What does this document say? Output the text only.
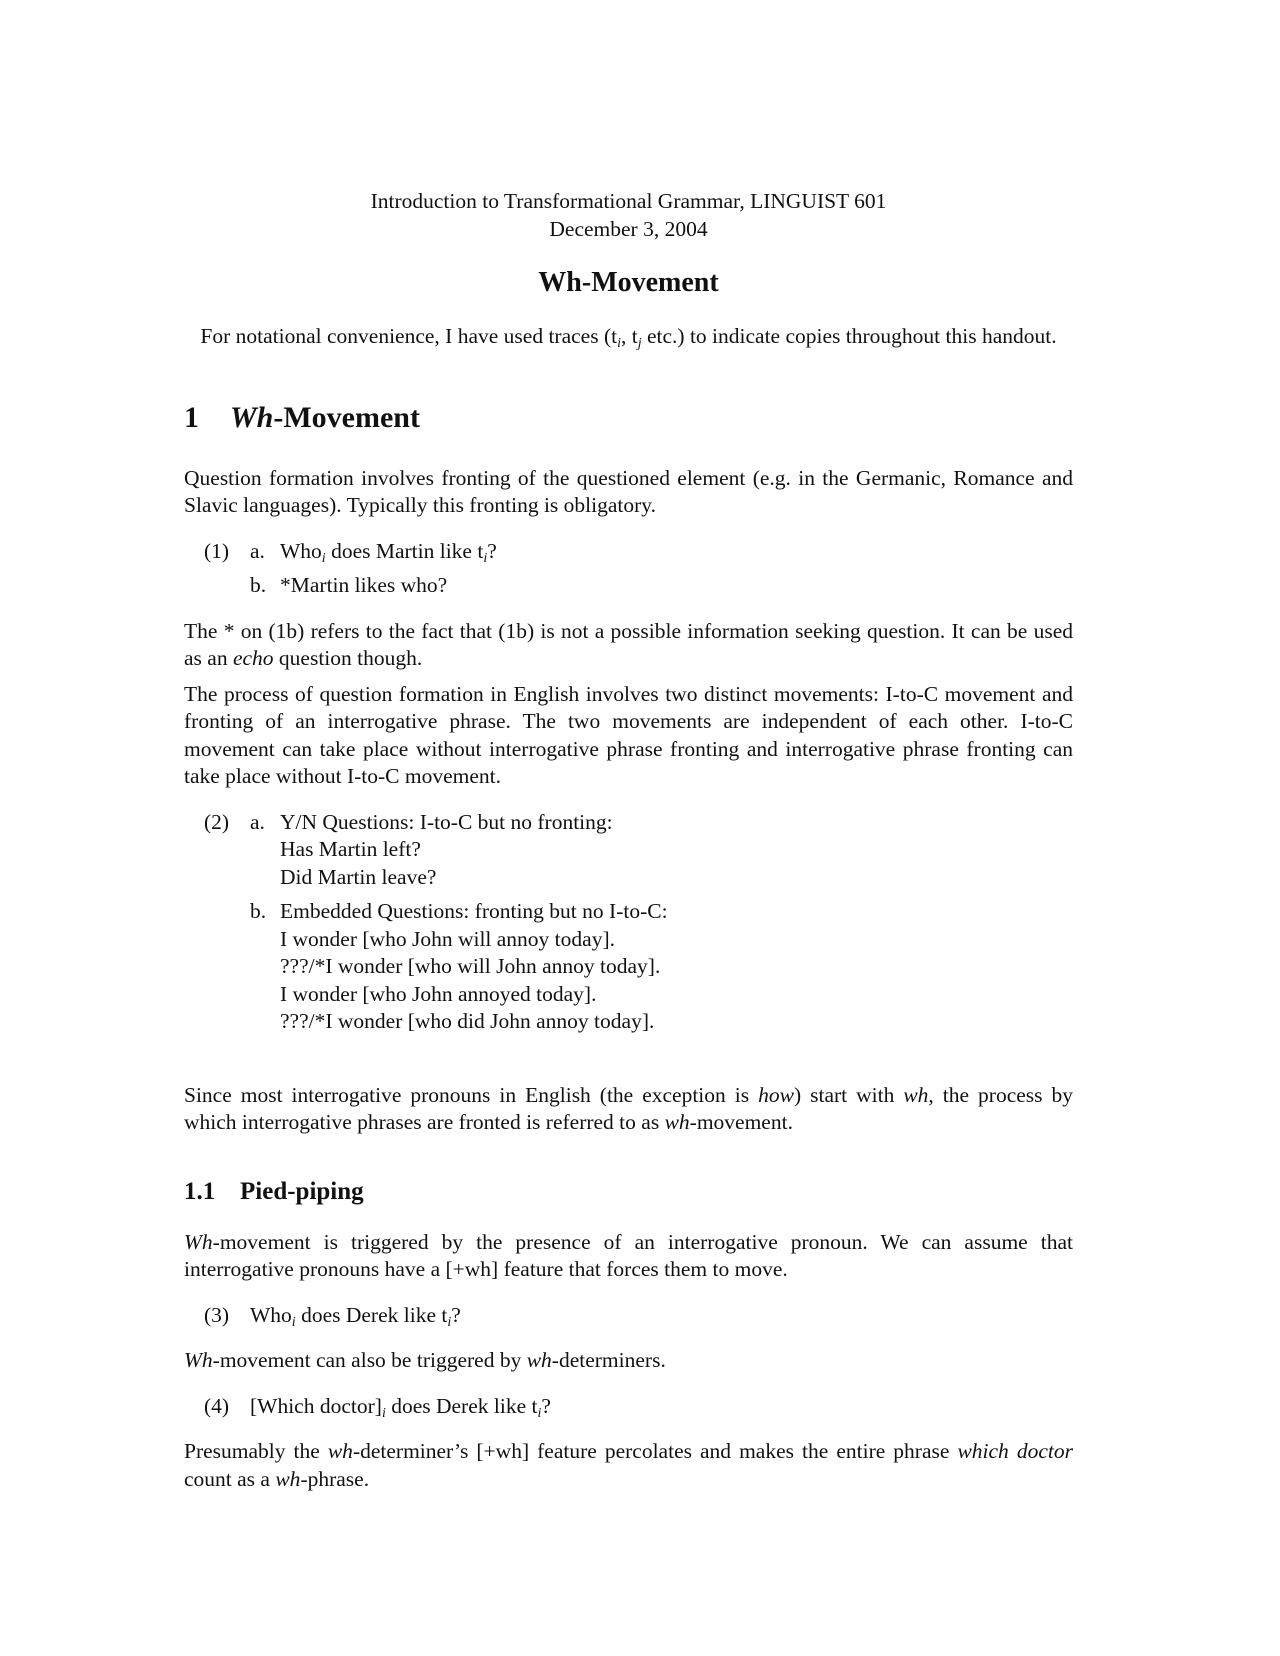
Introduction to Transformational Grammar, LINGUIST 601
December 3, 2004
Wh-Movement
For notational convenience, I have used traces ($t_i$, $t_j$ etc.) to indicate copies throughout this handout.
1 Wh-Movement

Question formation involves fronting of the questioned element (e.g. in the Germanic, Romance and Slavic languages). Typically this fronting is obligatory.

(1) a. Who$_i$ does Martin like $t_i$?
b. *Martin likes who?

The * on (1b) refers to the fact that (1b) is not a possible information seeking question. It can be used as an echo question though.

The process of question formation in English involves two distinct movements: I-to-C movement and fronting of an interrogative phrase. The two movements are independent of each other. I-to-C movement can take place without interrogative phrase fronting and interrogative phrase fronting can take place without I-to-C movement.

(2) a. Y/N Questions: I-to-C but no fronting:
Has Martin left?
Did Martin leave?
b. Embedded Questions: fronting but no I-to-C:
I wonder [who John will annoy today].
???/*I wonder [who will John annoy today].
I wonder [who John annoyed today].
???/*I wonder [who did John annoy today].

Since most interrogative pronouns in English (the exception is how) start with wh, the process by which interrogative phrases are fronted is referred to as wh-movement.

1.1 Pied-piping

Wh-movement is triggered by the presence of an interrogative pronoun. We can assume that interrogative pronouns have a [+wh] feature that forces them to move.

(3) Who$_i$ does Derek like $t_i$?

Wh-movement can also be triggered by wh-determiners.

(4) [Which $doctor]_i$ does Derek like $t_i$?

Presumably the wh-determiner’s [+wh] feature percolates and makes the entire phrase which doctor count as a wh-phrase.
